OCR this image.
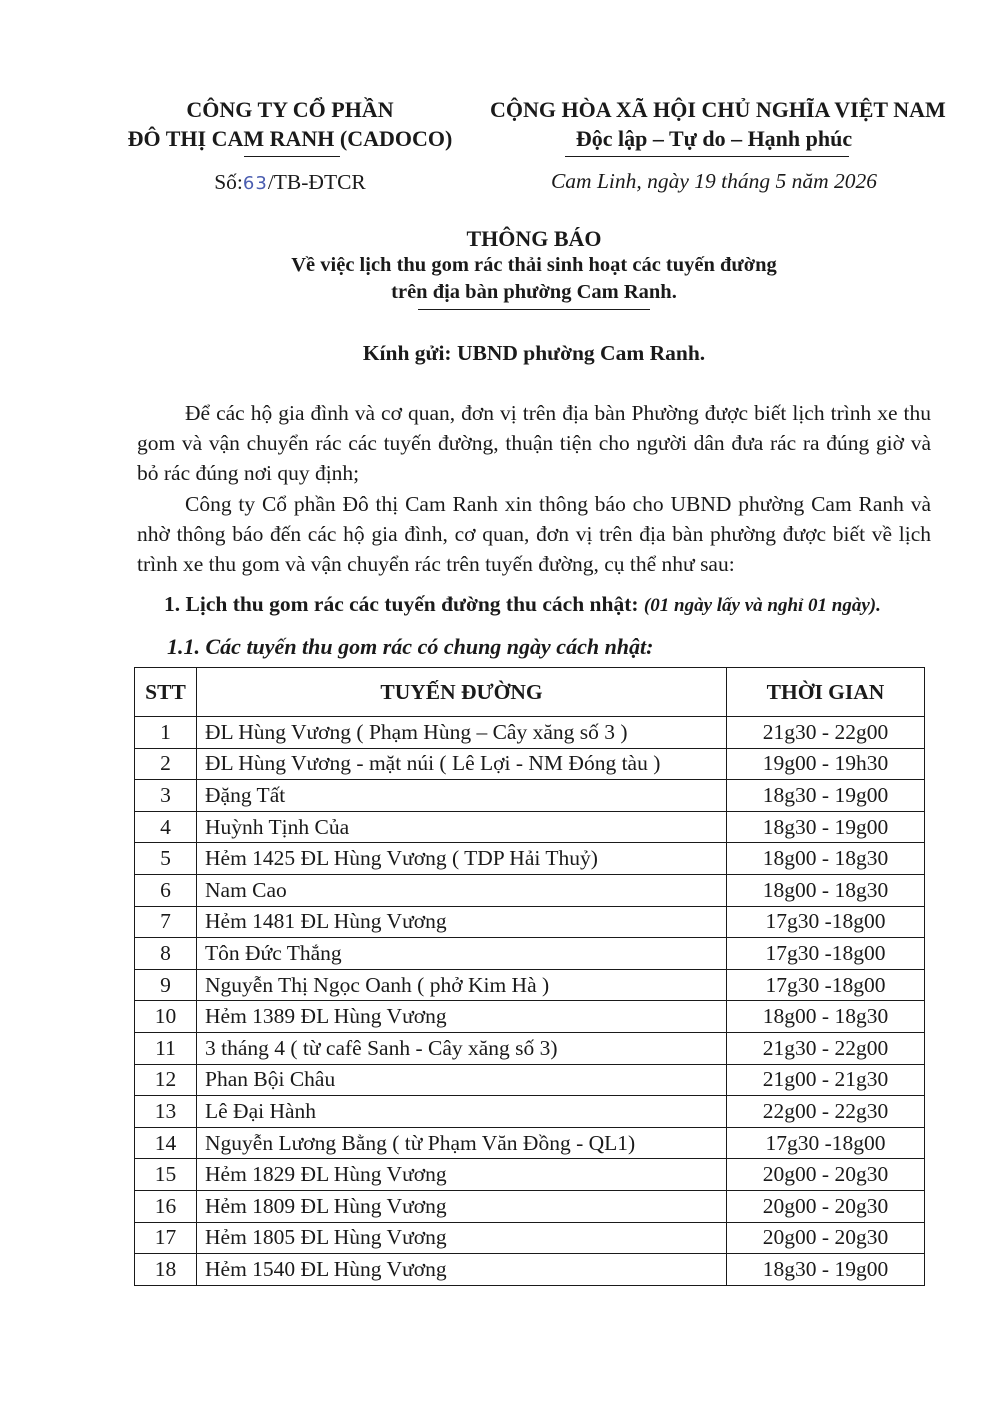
CÔNG TY CỔ PHẦN
ĐÔ THỊ CAM RANH (CADOCO)
Số:63/TB-ĐTCR
CỘNG HÒA XÃ HỘI CHỦ NGHĨA VIỆT NAM
Độc lập – Tự do – Hạnh phúc
Cam Linh, ngày 19 tháng 5 năm 2026
THÔNG BÁO
Về việc lịch thu gom rác thải sinh hoạt các tuyến đường
trên địa bàn phường Cam Ranh.
Kính gửi: UBND phường Cam Ranh.

Để các hộ gia đình và cơ quan, đơn vị trên địa bàn Phường được biết lịch trình xe thu gom và vận chuyển rác các tuyến đường, thuận tiện cho người dân đưa rác ra đúng giờ và bỏ rác đúng nơi quy định;

Công ty Cổ phần Đô thị Cam Ranh xin thông báo cho UBND phường Cam Ranh và nhờ thông báo đến các hộ gia đình, cơ quan, đơn vị trên địa bàn phường được biết về lịch trình xe thu gom và vận chuyển rác trên tuyến đường, cụ thể như sau:

1. Lịch thu gom rác các tuyến đường thu cách nhật: (01 ngày lấy và nghỉ 01 ngày).
1.1. Các tuyến thu gom rác có chung ngày cách nhật:
STT	TUYẾN ĐƯỜNG	THỜI GIAN
1	ĐL Hùng Vương ( Phạm Hùng – Cây xăng số 3 )	21g30 - 22g00
2	ĐL Hùng Vương - mặt núi ( Lê Lợi - NM Đóng tàu )	19g00 - 19h30
3	Đặng Tất	18g30 - 19g00
4	Huỳnh Tịnh Của	18g30 - 19g00
5	Hẻm 1425 ĐL Hùng Vương ( TDP Hải Thuỷ)	18g00 - 18g30
6	Nam Cao	18g00 - 18g30
7	Hẻm 1481 ĐL Hùng Vương	17g30 -18g00
8	Tôn Đức Thắng	17g30 -18g00
9	Nguyễn Thị Ngọc Oanh ( phở Kim Hà )	17g30 -18g00
10	Hẻm 1389 ĐL Hùng Vương	18g00 - 18g30
11	3 tháng 4 ( từ cafê Sanh - Cây xăng số 3)	21g30 - 22g00
12	Phan Bội Châu	21g00 - 21g30
13	Lê Đại Hành	22g00 - 22g30
14	Nguyễn Lương Bằng ( từ Phạm Văn Đồng - QL1)	17g30 -18g00
15	Hẻm 1829 ĐL Hùng Vương	20g00 - 20g30
16	Hẻm 1809 ĐL Hùng Vương	20g00 - 20g30
17	Hẻm 1805 ĐL Hùng Vương	20g00 - 20g30
18	Hẻm 1540 ĐL Hùng Vương	18g30 - 19g00
